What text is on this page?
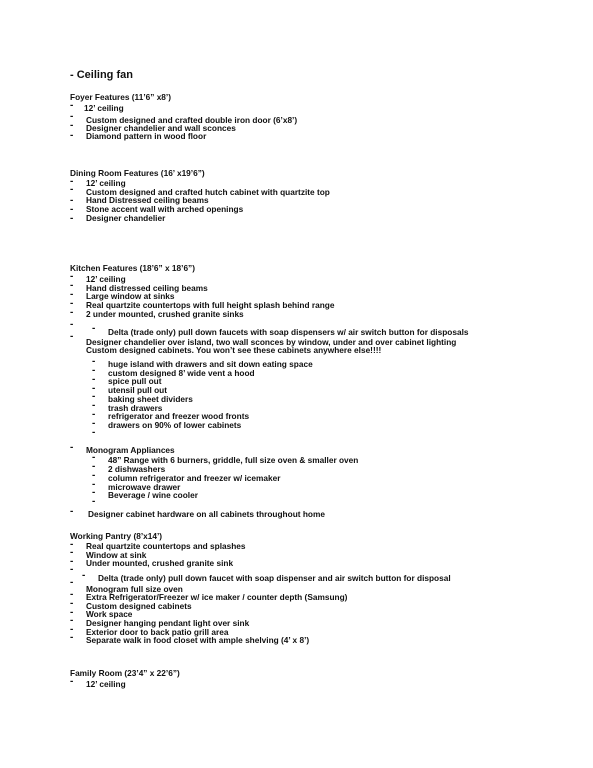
- Ceiling fan
Foyer Features (11’6” x8’)
- 12’ ceiling
- Custom designed and crafted double iron door (6’x8’)
- Designer chandelier and wall sconces
- Diamond pattern in wood floor
Dining Room Features (16’ x19’6”)
- 12’ ceiling
- Custom designed and crafted hutch cabinet with quartzite top
- Hand Distressed ceiling beams
- Stone accent wall with arched openings
- Designer chandelier
Kitchen Features (18’6” x 18’6”)
- 12’ ceiling
- Hand distressed ceiling beams
- Large window at sinks
- Real quartzite countertops with full height splash behind range
- 2 under mounted, crushed granite sinks
- - Delta (trade only) pull down faucets with soap dispensers w/ air switch button for disposals
- Designer chandelier over island, two wall sconces by window, under and over cabinet lighting
Custom designed cabinets. You won’t see these cabinets anywhere else!!!!
- huge island with drawers and sit down eating space
- custom designed 8’ wide vent a hood
- spice pull out
- utensil pull out
- baking sheet dividers
- trash drawers
- refrigerator and freezer wood fronts
- drawers on 90% of lower cabinets
-
- Monogram Appliances
- 48” Range with 6 burners, griddle, full size oven & smaller oven
- 2 dishwashers
- column refrigerator and freezer w/ icemaker
- microwave drawer
- Beverage / wine cooler
-
- Designer cabinet hardware on all cabinets throughout home
Working Pantry (8’x14’)
- Real quartzite countertops and splashes
- Window at sink
- Under mounted, crushed granite sink
-
- Delta (trade only) pull down faucet with soap dispenser and air switch button for disposal
-
Monogram full size oven
- Extra Refrigerator/Freezer w/ ice maker / counter depth (Samsung)
- Custom designed cabinets
- Work space
- Designer hanging pendant light over sink
- Exterior door to back patio grill area
- Separate walk in food closet with ample shelving (4’ x 8’)
Family Room (23’4” x 22’6”)
- 12’ ceiling
